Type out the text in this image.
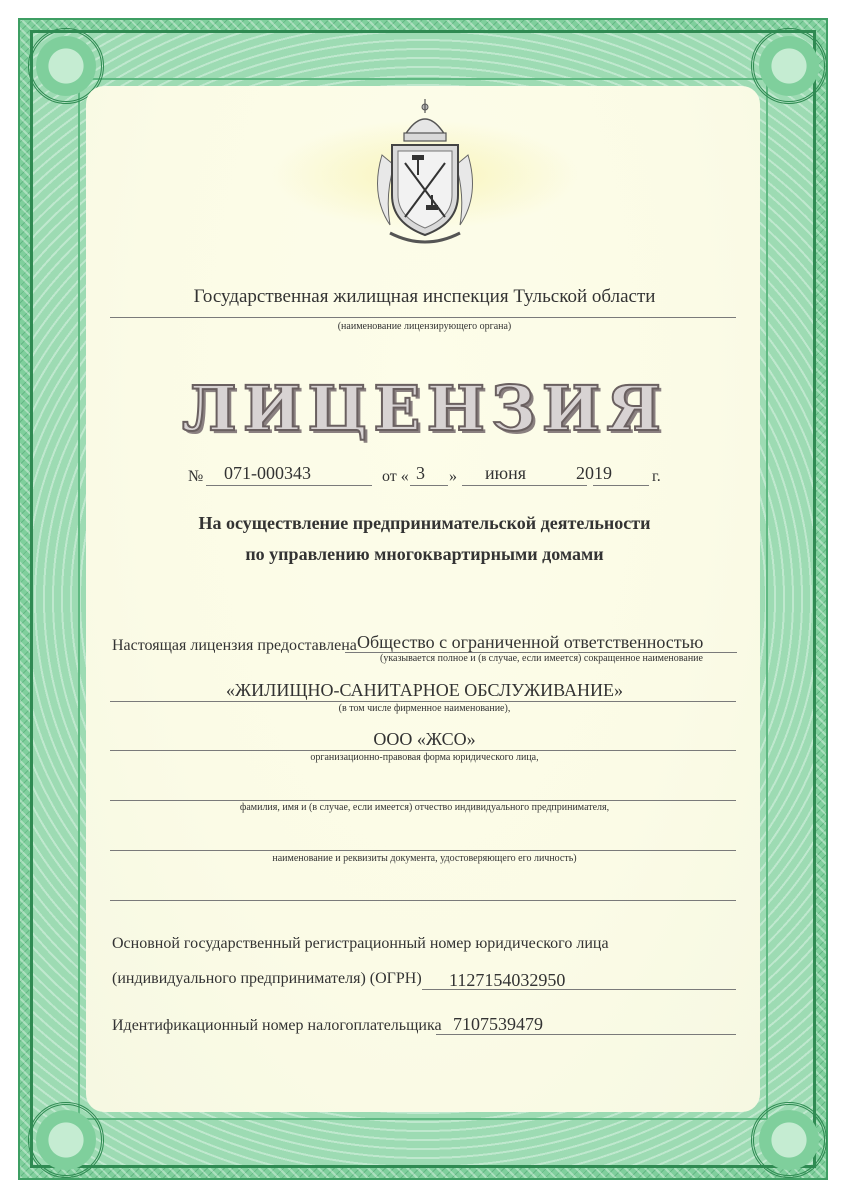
Государственная жилищная инспекция Тульской области
(наименование лицензирующего органа)
ЛИЦЕНЗИЯ
№ 071-000343	от « 3 » июня	2019	г.
На осуществление предпринимательской деятельности
по управлению многоквартирными домами
Настоящая лицензия предоставлена Общество с ограниченной ответственностью
(указывается полное и (в случае, если имеется) сокращенное наименование
«ЖИЛИЩНО-САНИТАРНОЕ ОБСЛУЖИВАНИЕ»
(в том числе фирменное наименование),
ООО «ЖСО»
организационно-правовая форма юридического лица,
фамилия, имя и (в случае, если имеется) отчество индивидуального предпринимателя,
наименование и реквизиты документа, удостоверяющего его личность)
Основной государственный регистрационный номер юридического лица
(индивидуального предпринимателя) (ОГРН) 1127154032950
Идентификационный номер налогоплательщика 7107539479
